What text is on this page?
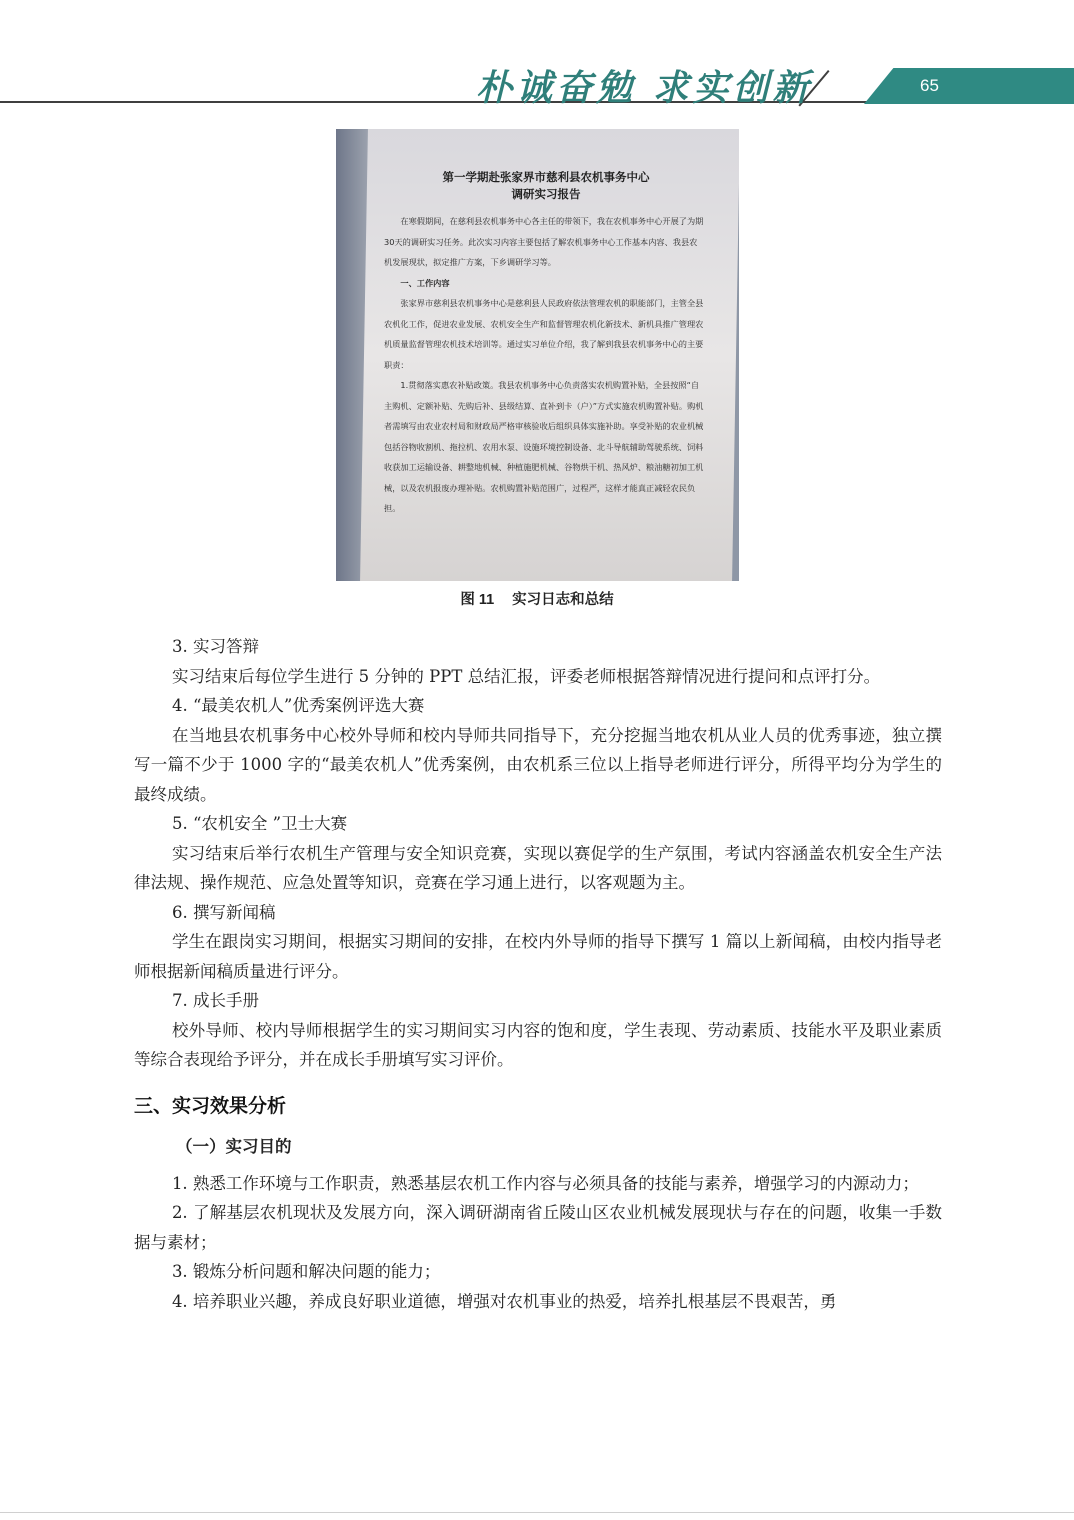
朴诚奋勉 求实创新	65
第一学期赴张家界市慈利县农机事务中心
调研实习报告

在寒假期间，在慈利县农机事务中心各主任的带领下，我在农机事务中心开展了为期30天的调研实习任务。此次实习内容主要包括了解农机事务中心工作基本内容、我县农机发展现状，拟定推广方案，下乡调研学习等。

一、工作内容

张家界市慈利县农机事务中心是慈利县人民政府依法管理农机的职能部门，主管全县农机化工作，促进农业发展、农机安全生产和监督管理农机化新技术、新机具推广管理农机质量监督管理农机技术培训等。通过实习单位介绍，我了解到我县农机事务中心的主要职责：

1.贯彻落实惠农补贴政策。我县农机事务中心负责落实农机购置补贴，全县按照“自主购机、定额补贴、先购后补、县级结算、直补到卡（户）”方式实施农机购置补贴。购机者需填写由农业农村局和财政局严格审核验收后组织具体实施补助。享受补贴的农业机械包括谷物收割机、拖拉机、农用水泵、设施环境控制设备、北斗导航辅助驾驶系统、饲料收获加工运输设备、耕整地机械、种植施肥机械、谷物烘干机、热风炉、粮油糖初加工机械，以及农机报废办理补贴。农机购置补贴范围广，过程严，这样才能真正减轻农民负担。

图 11 实习日志和总结

3. 实习答辩

实习结束后每位学生进行 5 分钟的 PPT 总结汇报，评委老师根据答辩情况进行提问和点评打分。

4. “最美农机人”优秀案例评选大赛

在当地县农机事务中心校外导师和校内导师共同指导下，充分挖掘当地农机从业人员的优秀事迹，独立撰写一篇不少于 1000 字的“最美农机人”优秀案例，由农机系三位以上指导老师进行评分，所得平均分为学生的最终成绩。

5. “农机安全 ”卫士大赛

实习结束后举行农机生产管理与安全知识竞赛，实现以赛促学的生产氛围，考试内容涵盖农机安全生产法律法规、操作规范、应急处置等知识，竞赛在学习通上进行，以客观题为主。

6. 撰写新闻稿

学生在跟岗实习期间，根据实习期间的安排，在校内外导师的指导下撰写 1 篇以上新闻稿，由校内指导老师根据新闻稿质量进行评分。

7. 成长手册

校外导师、校内导师根据学生的实习期间实习内容的饱和度，学生表现、劳动素质、技能水平及职业素质等综合表现给予评分，并在成长手册填写实习评价。

三、实习效果分析
（一）实习目的

1. 熟悉工作环境与工作职责，熟悉基层农机工作内容与必须具备的技能与素养，增强学习的内源动力；

2. 了解基层农机现状及发展方向，深入调研湖南省丘陵山区农业机械发展现状与存在的问题，收集一手数据与素材；

3. 锻炼分析问题和解决问题的能力；

4. 培养职业兴趣，养成良好职业道德，增强对农机事业的热爱，培养扎根基层不畏艰苦，勇
